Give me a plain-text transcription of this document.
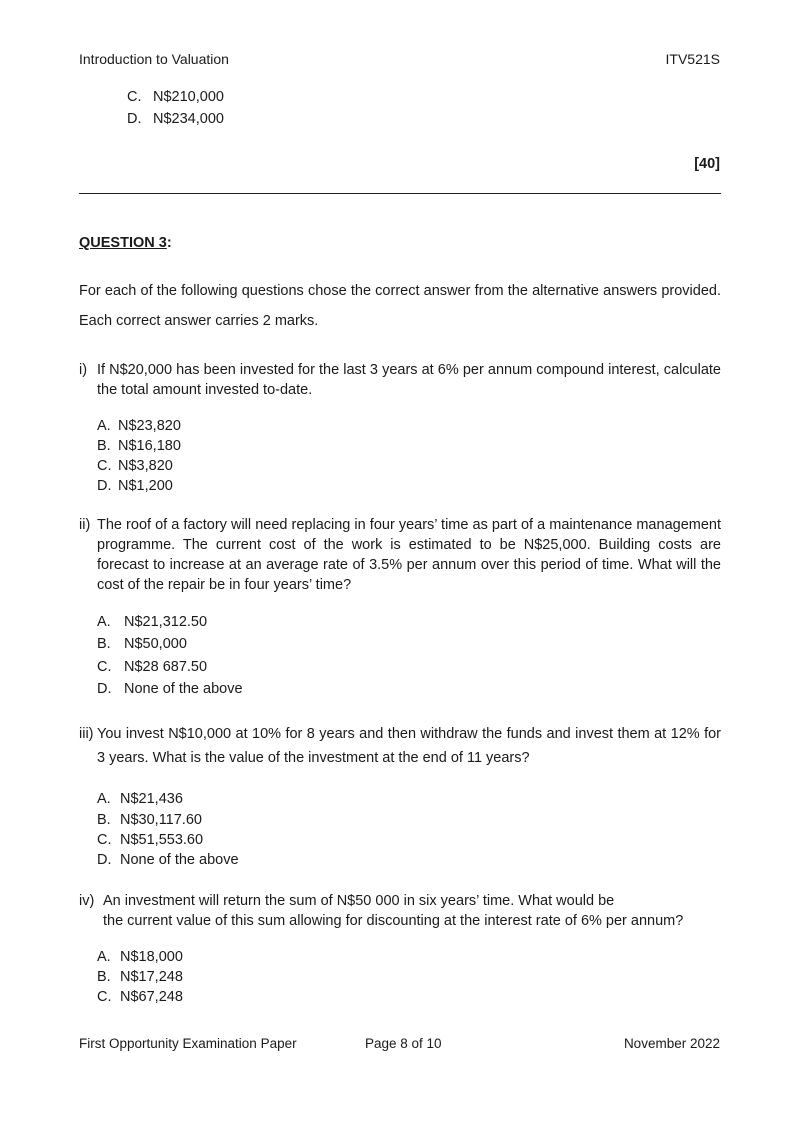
Introduction to Valuation	ITV521S
C. N$210,000
D. N$234,000
[40]
QUESTION 3:
For each of the following questions chose the correct answer from the alternative answers provided. Each correct answer carries 2 marks.
i) If N$20,000 has been invested for the last 3 years at 6% per annum compound interest, calculate the total amount invested to-date.
A. N$23,820
B. N$16,180
C. N$3,820
D. N$1,200
ii) The roof of a factory will need replacing in four years’ time as part of a maintenance management programme. The current cost of the work is estimated to be N$25,000. Building costs are forecast to increase at an average rate of 3.5% per annum over this period of time. What will the cost of the repair be in four years’ time?
A. N$21,312.50
B. N$50,000
C. N$28 687.50
D. None of the above
iii) You invest N$10,000 at 10% for 8 years and then withdraw the funds and invest them at 12% for 3 years. What is the value of the investment at the end of 11 years?
A. N$21,436
B. N$30,117.60
C. N$51,553.60
D. None of the above
iv) An investment will return the sum of N$50 000 in six years’ time. What would be
the current value of this sum allowing for discounting at the interest rate of 6% per annum?
A. N$18,000
B. N$17,248
C. N$67,248
First Opportunity Examination Paper	Page 8 of 10	November 2022
